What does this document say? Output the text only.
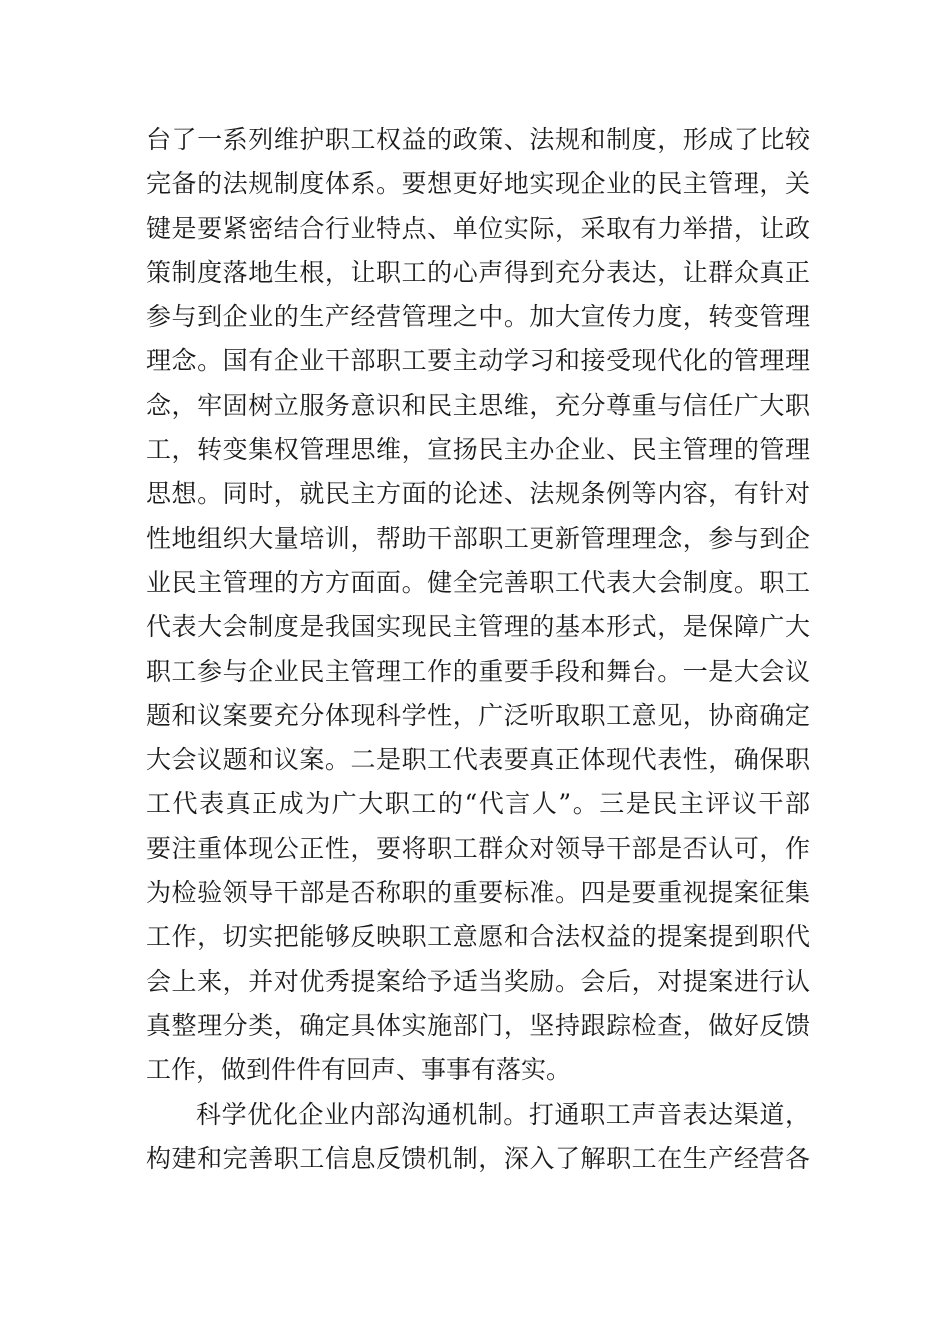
台了一系列维护职工权益的政策、法规和制度，形成了比较
完备的法规制度体系。要想更好地实现企业的民主管理，关
键是要紧密结合行业特点、单位实际，采取有力举措，让政
策制度落地生根，让职工的心声得到充分表达，让群众真正
参与到企业的生产经营管理之中。加大宣传力度，转变管理
理念。国有企业干部职工要主动学习和接受现代化的管理理
念，牢固树立服务意识和民主思维，充分尊重与信任广大职
工，转变集权管理思维，宣扬民主办企业、民主管理的管理
思想。同时，就民主方面的论述、法规条例等内容，有针对
性地组织大量培训，帮助干部职工更新管理理念，参与到企
业民主管理的方方面面。健全完善职工代表大会制度。职工
代表大会制度是我国实现民主管理的基本形式，是保障广大
职工参与企业民主管理工作的重要手段和舞台。一是大会议
题和议案要充分体现科学性，广泛听取职工意见，协商确定
大会议题和议案。二是职工代表要真正体现代表性，确保职
工代表真正成为广大职工的“代言人”。三是民主评议干部
要注重体现公正性，要将职工群众对领导干部是否认可，作
为检验领导干部是否称职的重要标准。四是要重视提案征集
工作，切实把能够反映职工意愿和合法权益的提案提到职代
会上来，并对优秀提案给予适当奖励。会后，对提案进行认
真整理分类，确定具体实施部门，坚持跟踪检查，做好反馈
工作，做到件件有回声、事事有落实。
科学优化企业内部沟通机制。打通职工声音表达渠道，
构建和完善职工信息反馈机制，深入了解职工在生产经营各
